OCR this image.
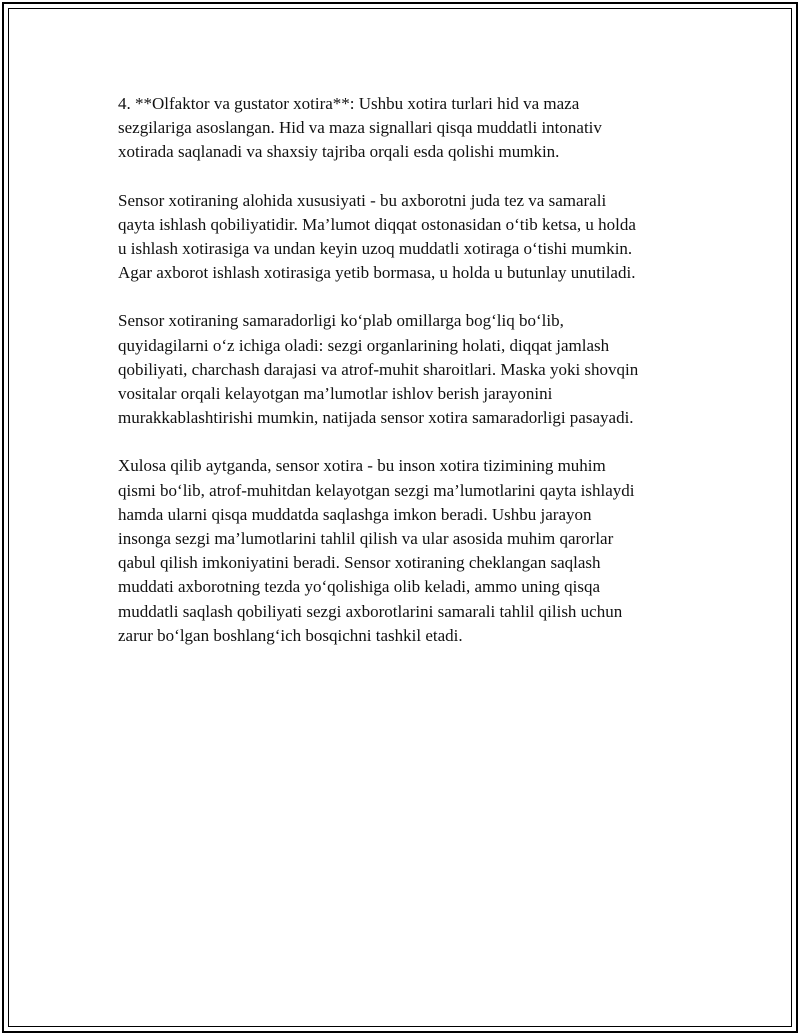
4. **Olfaktor va gustator xotira**: Ushbu xotira turlari hid va maza
sezgilariga asoslangan. Hid va maza signallari qisqa muddatli intonativ
xotirada saqlanadi va shaxsiy tajriba orqali esda qolishi mumkin.

Sensor xotiraning alohida xususiyati - bu axborotni juda tez va samarali
qayta ishlash qobiliyatidir. Ma’lumot diqqat ostonasidan o‘tib ketsa, u holda
u ishlash xotirasiga va undan keyin uzoq muddatli xotiraga o‘tishi mumkin.
Agar axborot ishlash xotirasiga yetib bormasa, u holda u butunlay unutiladi.

Sensor xotiraning samaradorligi ko‘plab omillarga bog‘liq bo‘lib,
quyidagilarni o‘z ichiga oladi: sezgi organlarining holati, diqqat jamlash
qobiliyati, charchash darajasi va atrof-muhit sharoitlari. Maska yoki shovqin
vositalar orqali kelayotgan ma’lumotlar ishlov berish jarayonini
murakkablashtirishi mumkin, natijada sensor xotira samaradorligi pasayadi.

Xulosa qilib aytganda, sensor xotira - bu inson xotira tizimining muhim
qismi bo‘lib, atrof-muhitdan kelayotgan sezgi ma’lumotlarini qayta ishlaydi
hamda ularni qisqa muddatda saqlashga imkon beradi. Ushbu jarayon
insonga sezgi ma’lumotlarini tahlil qilish va ular asosida muhim qarorlar
qabul qilish imkoniyatini beradi. Sensor xotiraning cheklangan saqlash
muddati axborotning tezda yo‘qolishiga olib keladi, ammo uning qisqa
muddatli saqlash qobiliyati sezgi axborotlarini samarali tahlil qilish uchun
zarur bo‘lgan boshlang‘ich bosqichni tashkil etadi.
